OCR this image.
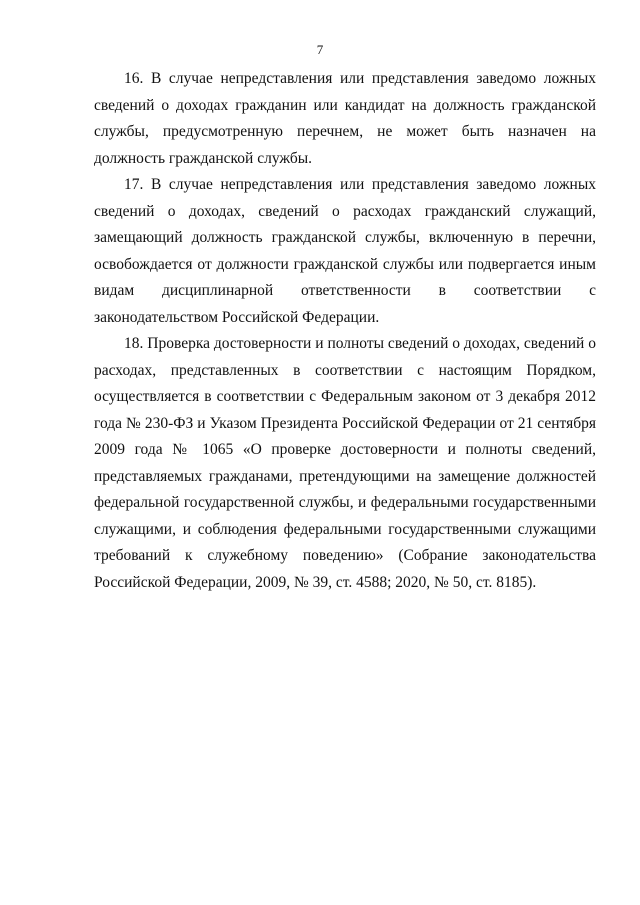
7

16. В случае непредставления или представления заведомо ложных сведений о доходах гражданин или кандидат на должность гражданской службы, предусмотренную перечнем, не может быть назначен на должность гражданской службы.

17. В случае непредставления или представления заведомо ложных сведений о доходах, сведений о расходах гражданский служащий, замещающий должность гражданской службы, включенную в перечни, освобождается от должности гражданской службы или подвергается иным видам дисциплинарной ответственности в соответствии с законодательством Российской Федерации.

18. Проверка достоверности и полноты сведений о доходах, сведений о расходах, представленных в соответствии с настоящим Порядком, осуществляется в соответствии с Федеральным законом от 3 декабря 2012 года № 230-ФЗ и Указом Президента Российской Федерации от 21 сентября 2009 года № 1065 «О проверке достоверности и полноты сведений, представляемых гражданами, претендующими на замещение должностей федеральной государственной службы, и федеральными государственными служащими, и соблюдения федеральными государственными служащими требований к служебному поведению» (Собрание законодательства Российской Федерации, 2009, № 39, ст. 4588; 2020, № 50, ст. 8185).
